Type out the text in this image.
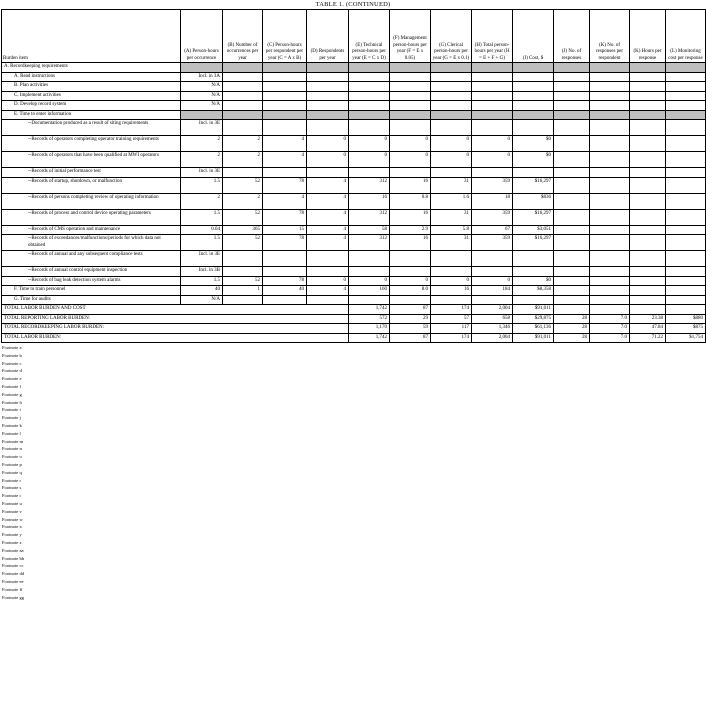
TABLE 1. (CONTINUED)
Burden item	(A) Person-hours per occurrence	(B) Number of occurrences per year	(C) Person-hours per respondent per year (C = A x B)	(D) Respondents per year	(E) Technical person-hours per year (E = C x D)	(F) Management person-hours per year (F = E x 0.05)	(G) Clerical person-hours per year (G = E x 0.1)	(H) Total person-hours per year (H = E + F + G)	(I) Cost, $	(J) No. of responses	(K) No. of responses per respondent	(K) Hours per response	(L) Monitoring cost per response
A. Recordkeeping requirements													
A. Read instructions	Incl. in 3A												
B. Plan activities	N/A												
C. Implement activities	N/A												
D. Develop record system	N/A												
E. Time to enter information													
--Documentation produced as a result of siting requirements	Incl. in 3E												
--Records of operators completing operator training requirements	2	2	4	0	0	0	0	0	$0				
--Records of operators that have been qualified at MWI operators	2	2	4	0	0	0	0	0	$0				
--Records of initial performance test	Incl. in 3E												
--Records of startup, shutdown, or malfunction	1.5	52	78	4	312	16	31	359	$16,297				
--Records of persons completing review of operating information	2	2	4	4	16	0.8	1.6	18	$836				
--Records of process and control device operating parameters	1.5	52	78	4	312	16	31	359	$16,297				
--Records of CMS operation and maintenance	0.04	365	15	4	58	2.9	5.8	67	$3,051				
--Records of exceedances/malfunctions/periods for which data not obtained	1.5	52	78	4	312	16	31	359	$16,297				
--Records of annual and any subsequent compliance tests	Incl. in 3E												
--Records of annual control equipment inspection	Incl. in 3B												
--Records of bag leak detection system alarms	1.5	52	78	0	0	0	0	0	$0				
F. Time to train personnel	40	1	40	4	160	8.0	16	184	$8,358				
G. Time for audits	N/A												
TOTAL LABOR BURDEN AND COST					1,742	87	174	2,004	$91,011				
TOTAL REPORTING LABOR BURDEN:					572	29	57	658	$29,875	28	7.0	23.38	$880
TOTAL RECORDKEEPING LABOR BURDEN:					1,170	59	117	1,346	$61,136	28	7.0	47.84	$875
TOTAL LABOR BURDEN:					1,742	87	174	2,004	$91,011	28	7.0	71.22	$1,754

Footnote a

Footnote b

Footnote c

Footnote d

Footnote e

Footnote f

Footnote g

Footnote h

Footnote i

Footnote j

Footnote k

Footnote l

Footnote m

Footnote n

Footnote o

Footnote p

Footnote q

Footnote r

Footnote s

Footnote t

Footnote u

Footnote v

Footnote w

Footnote x

Footnote y

Footnote z

Footnote aa

Footnote bb

Footnote cc

Footnote dd

Footnote ee

Footnote ff

Footnote gg
